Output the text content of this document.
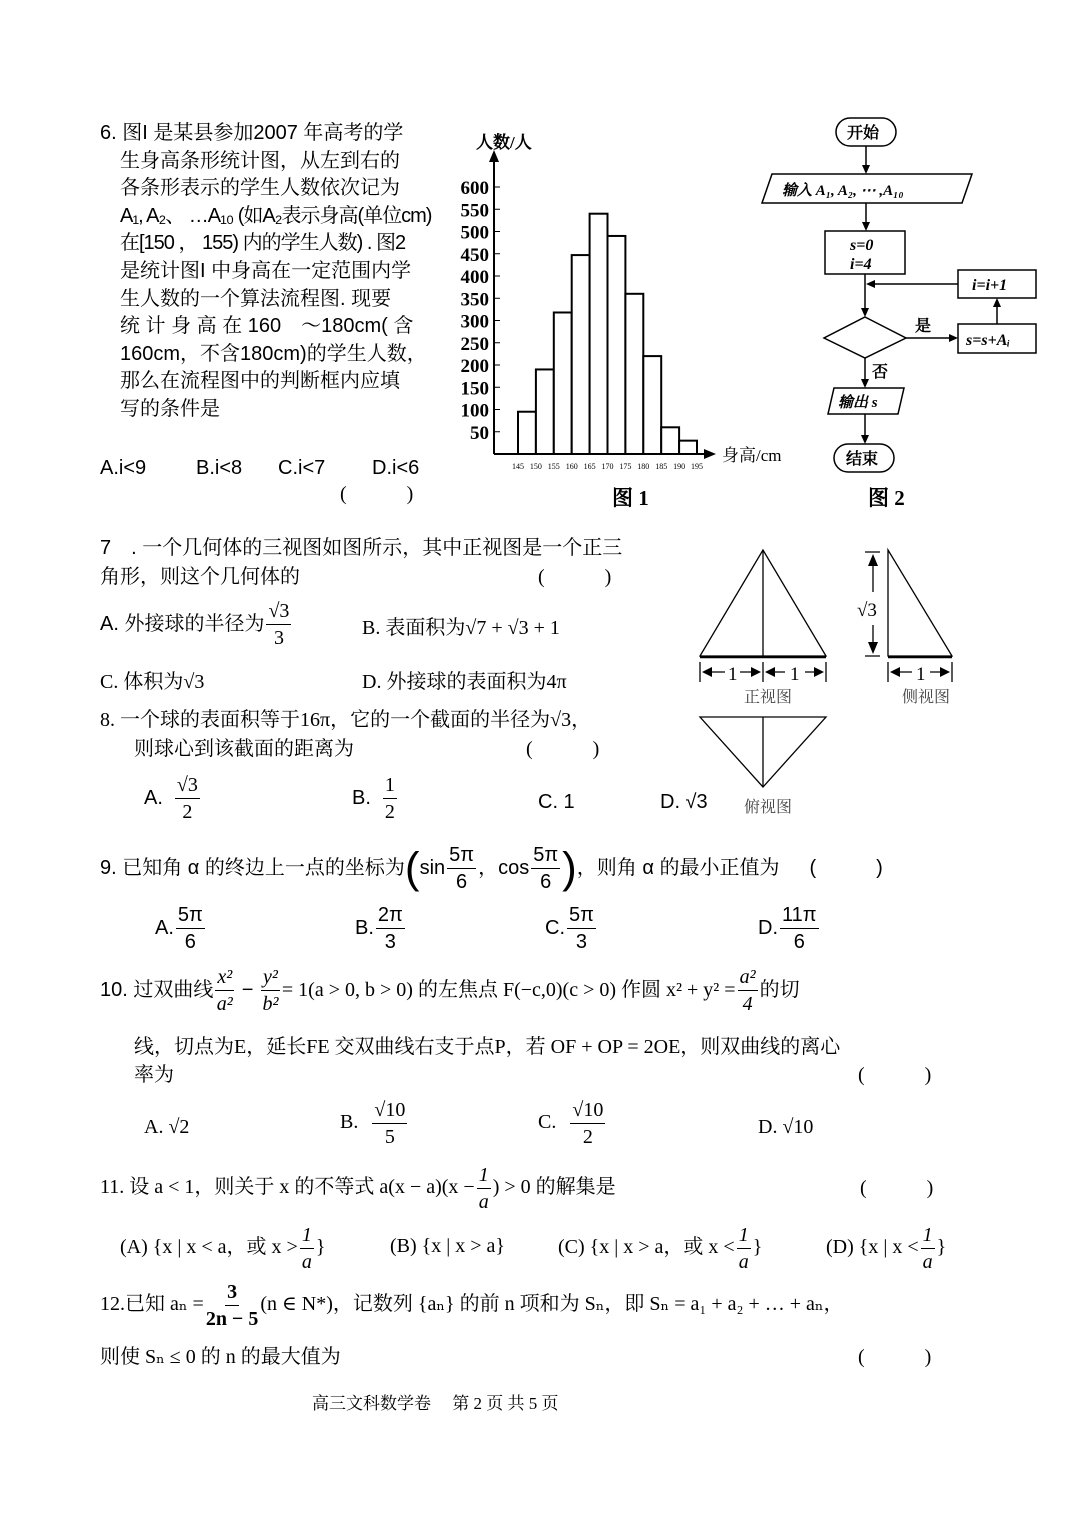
6. 图I 是某县参加2007 年高考的学
生身高条形统计图，从左到右的
各条形表示的学生人数依次记为
A₁, A₂、 …A₁₀ (如A₂表示身高(单位cm)
在[150 ， 155) 内的学生人数) . 图2
是统计图I 中身高在一定范围内学
生人数的一个算法流程图. 现要
统 计 身 高 在 160　～180cm( 含
160cm，不含180cm)的学生人数，
那么在流程图中的判断框内应填
写的条件是
A.i<9 B.i<8 C.i<7 D.i<6
(　　　)
50
100
150
200
250
300
350
400
450
500
550
600
145 150 155 160 165 170 175 180 185 190 195
人数/人
身高/cm
图 1
开始
输入 A₁, A₂, ⋯ ,A₁₀
s=0
i=4
i=i+1
s=s+Aᵢ
是
否
输出 s
结束
图 2
7　. 一个几何体的三视图如图所示，其中正视图是一个正三
角形，则这个几何体的	(　　　)
A. 外接球的半径为 $\frac{√3}{3}$	B. 表面积为√7 + √3 + 1
C. 体积为√3	D. 外接球的表面积为4π	1	1	1
√3
正视图	侧视图
俯视图
8. 一个球的表面积等于16π，它的一个截面的半径为√3，
则球心到该截面的距离为	(　　　)
A. $\frac{√3}{2}$	B. $\frac{1}{2}$	C. 1	D. √3
9. 已知角 α 的终边上一点的坐标为($\sin \frac{5\pi}{6}$ ，$\cos \frac{5\pi}{6}$ )，则角 α 的最小正值为 (　　　)
A. $\frac{5\pi}{6}$	B. $\frac{2\pi}{3}$	C. $\frac{5\pi}{3}$	D. $\frac{11\pi}{6}$
10. 过双曲线 $\frac{\text{x²}}{\text{a²}} - \frac{\text{y²}}{\text{b²}} = 1(a > 0$, b > 0) 的左焦点 F(−c,0)(c > 0) 作圆 $x^2 + y^2 = \frac{\text{a²}}{4}$ 的切
线，切点为E，延长FE 交双曲线右支于点P，若 OF + OP = 2OE，则双曲线的离心
率为	(　　　)
A. √2	B. $\frac{√10}{5}$	C. $\frac{√10}{2}$	D. √10
11. 设 a < 1，则关于 x 的不等式 $a(x - a)(x - \frac{1}{a}$ ) > 0 的解集是	(　　　)
(A) {x | x < a，或 $x > \frac{1}{a}$ }	(B) {x | x > a}	(C) {x | x > a，或 $x < \frac{1}{a}$ }	(D) {x | $x < \frac{1}{a}$ }
12.已知 $a_n = \frac{3}{2n - 5} (n$ ∈ N*)，记数列 {aₙ} 的前 n 项和为 Sₙ，即 Sₙ = a₁ + a₂ + … + aₙ，
则使 Sₙ ≤ 0 的 n 的最大值为	(　　　)
高三文科数学卷　 第 2 页 共 5 页
